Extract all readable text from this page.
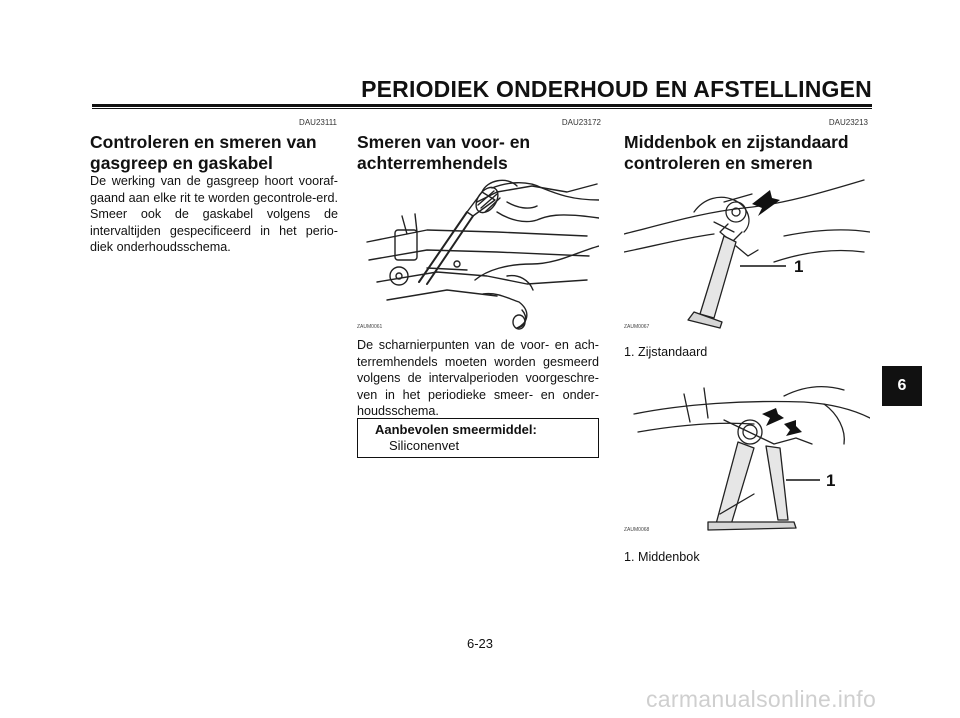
PERIODIEK ONDERHOUD EN AFSTELLINGEN
DAU23111
Controleren en smeren van gasgreep en gaskabel
De werking van de gasgreep hoort vooraf-gaand aan elke rit te worden gecontrole-erd. Smeer ook de gaskabel volgens de intervaltijden gespecificeerd in het perio-diek onderhoudsschema.
DAU23172
Smeren van voor- en achterremhendels
ZAUM0061
De scharnierpunten van de voor- en ach-terremhendels moeten worden gesmeerd volgens de intervalperioden voorgeschre-ven in het periodieke smeer- en onder-houdsschema.
Aanbevolen smeermiddel:
Siliconenvet
DAU23213
Middenbok en zijstandaard controleren en smeren
1
ZAUM0067
1. Zijstandaard
1
ZAUM0068
1. Middenbok
6
6-23
carmanualsonline.info
